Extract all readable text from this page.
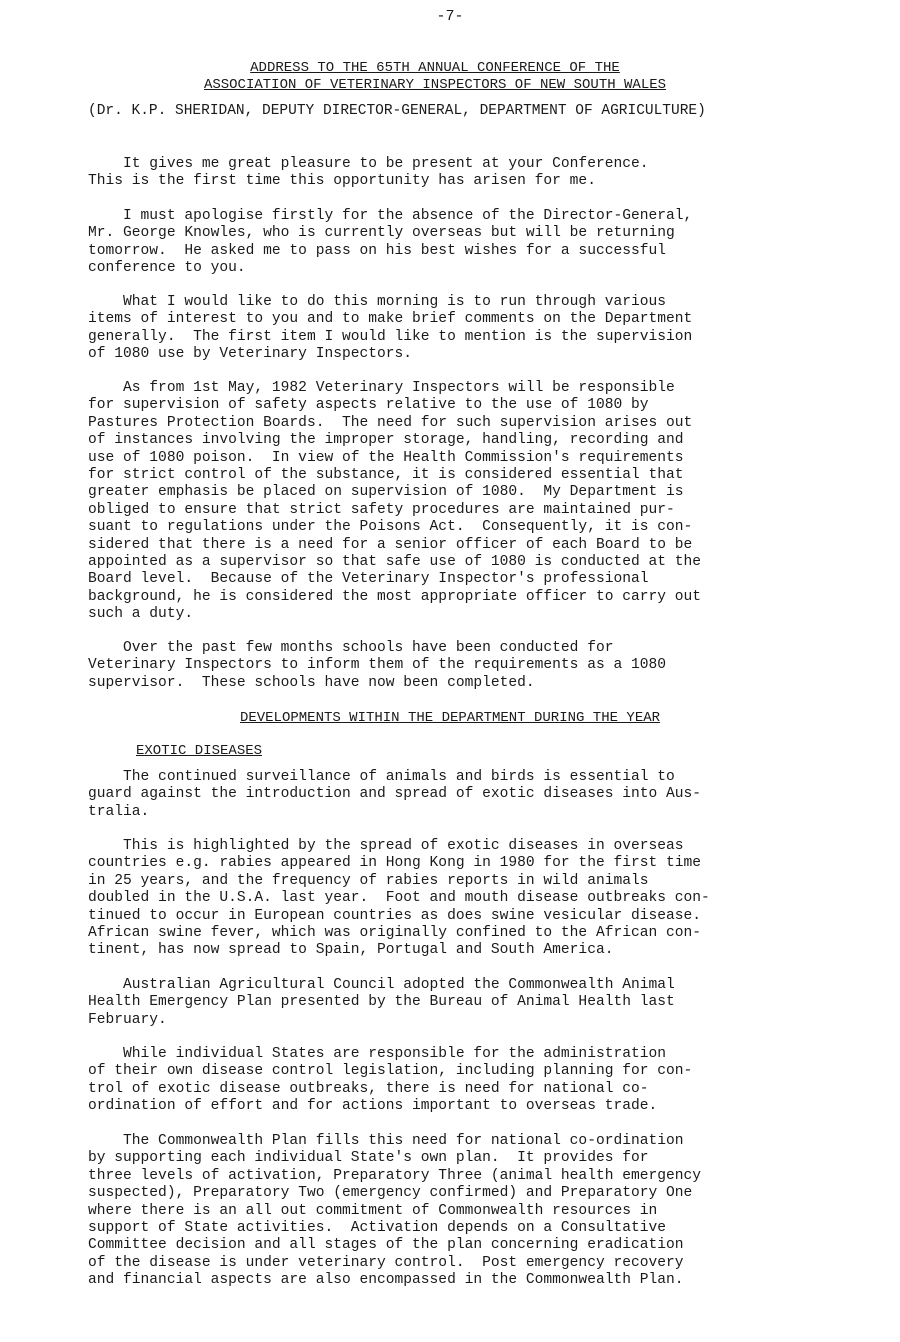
-7-
ADDRESS TO THE 65TH ANNUAL CONFERENCE OF THE
ASSOCIATION OF VETERINARY INSPECTORS OF NEW SOUTH WALES
(Dr. K.P. SHERIDAN, DEPUTY DIRECTOR-GENERAL, DEPARTMENT OF AGRICULTURE)
It gives me great pleasure to be present at your Conference.
This is the first time this opportunity has arisen for me.
I must apologise firstly for the absence of the Director-General,
Mr. George Knowles, who is currently overseas but will be returning
tomorrow.  He asked me to pass on his best wishes for a successful
conference to you.
What I would like to do this morning is to run through various
items of interest to you and to make brief comments on the Department
generally.  The first item I would like to mention is the supervision
of 1080 use by Veterinary Inspectors.
As from 1st May, 1982 Veterinary Inspectors will be responsible
for supervision of safety aspects relative to the use of 1080 by
Pastures Protection Boards.  The need for such supervision arises out
of instances involving the improper storage, handling, recording and
use of 1080 poison.  In view of the Health Commission's requirements
for strict control of the substance, it is considered essential that
greater emphasis be placed on supervision of 1080.  My Department is
obliged to ensure that strict safety procedures are maintained pur-
suant to regulations under the Poisons Act.  Consequently, it is con-
sidered that there is a need for a senior officer of each Board to be
appointed as a supervisor so that safe use of 1080 is conducted at the
Board level.  Because of the Veterinary Inspector's professional
background, he is considered the most appropriate officer to carry out
such a duty.
Over the past few months schools have been conducted for
Veterinary Inspectors to inform them of the requirements as a 1080
supervisor.  These schools have now been completed.
DEVELOPMENTS WITHIN THE DEPARTMENT DURING THE YEAR
EXOTIC DISEASES
The continued surveillance of animals and birds is essential to
guard against the introduction and spread of exotic diseases into Aus-
tralia.
This is highlighted by the spread of exotic diseases in overseas
countries e.g. rabies appeared in Hong Kong in 1980 for the first time
in 25 years, and the frequency of rabies reports in wild animals
doubled in the U.S.A. last year.  Foot and mouth disease outbreaks con-
tinued to occur in European countries as does swine vesicular disease.
African swine fever, which was originally confined to the African con-
tinent, has now spread to Spain, Portugal and South America.
Australian Agricultural Council adopted the Commonwealth Animal
Health Emergency Plan presented by the Bureau of Animal Health last
February.
While individual States are responsible for the administration
of their own disease control legislation, including planning for con-
trol of exotic disease outbreaks, there is need for national co-
ordination of effort and for actions important to overseas trade.
The Commonwealth Plan fills this need for national co-ordination
by supporting each individual State's own plan.  It provides for
three levels of activation, Preparatory Three (animal health emergency
suspected), Preparatory Two (emergency confirmed) and Preparatory One
where there is an all out commitment of Commonwealth resources in
support of State activities.  Activation depends on a Consultative
Committee decision and all stages of the plan concerning eradication
of the disease is under veterinary control.  Post emergency recovery
and financial aspects are also encompassed in the Commonwealth Plan.
